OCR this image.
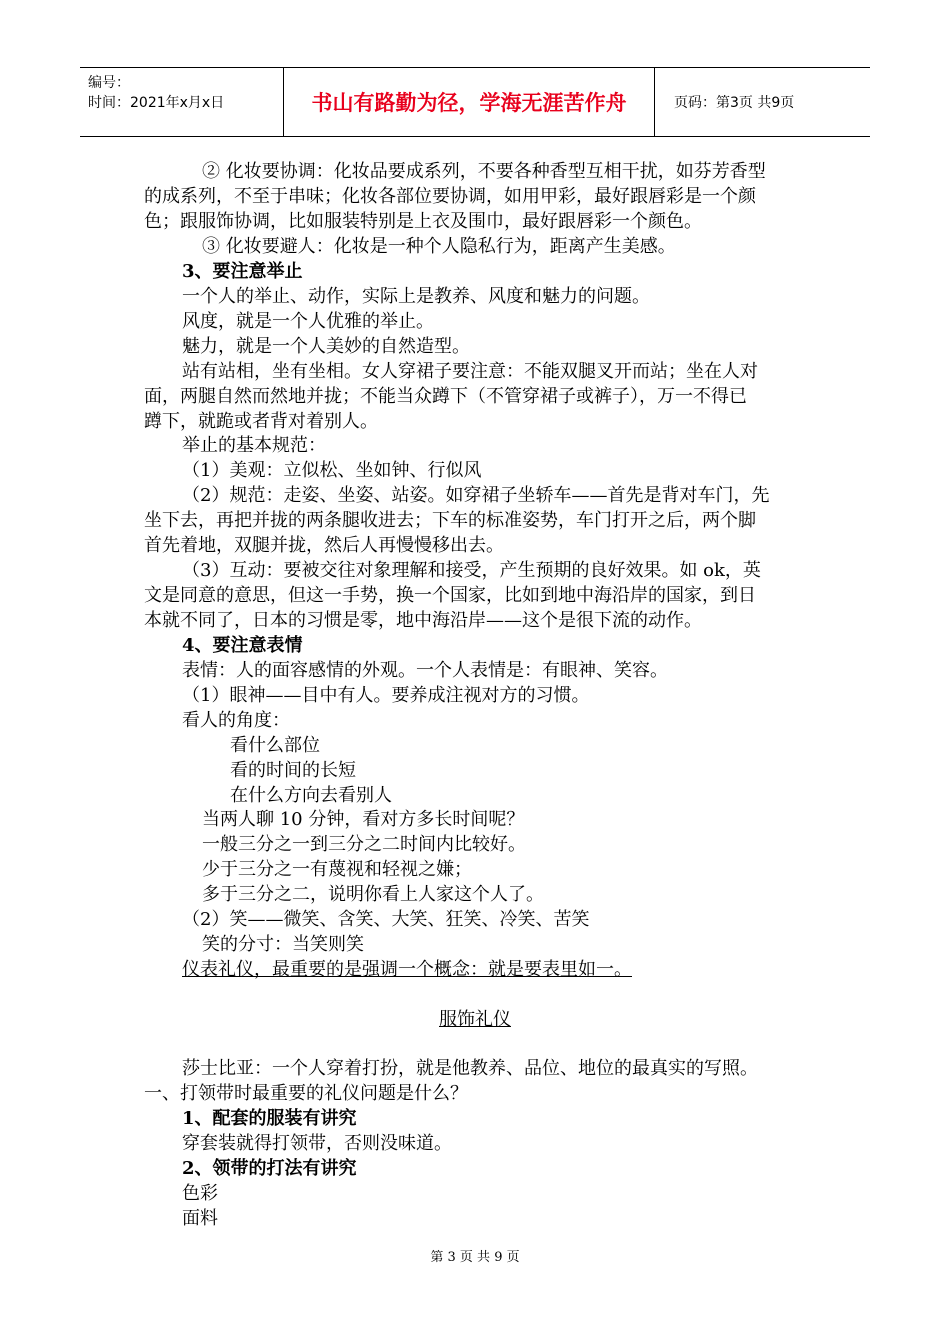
编号：
时间：2021年x月x日	书山有路勤为径，学海无涯苦作舟	页码：第3页 共9页
② 化妆要协调：化妆品要成系列，不要各种香型互相干扰，如芬芳香型
的成系列，不至于串味；化妆各部位要协调，如用甲彩，最好跟唇彩是一个颜
色；跟服饰协调，比如服装特别是上衣及围巾，最好跟唇彩一个颜色。
③ 化妆要避人：化妆是一种个人隐私行为，距离产生美感。
3、要注意举止
一个人的举止、动作，实际上是教养、风度和魅力的问题。
风度，就是一个人优雅的举止。
魅力，就是一个人美妙的自然造型。
站有站相，坐有坐相。女人穿裙子要注意：不能双腿叉开而站；坐在人对
面，两腿自然而然地并拢；不能当众蹲下（不管穿裙子或裤子），万一不得已
蹲下，就跪或者背对着别人。
举止的基本规范：
（1）美观：立似松、坐如钟、行似风
（2）规范：走姿、坐姿、站姿。如穿裙子坐轿车——首先是背对车门，先
坐下去，再把并拢的两条腿收进去；下车的标准姿势，车门打开之后，两个脚
首先着地，双腿并拢，然后人再慢慢移出去。
（3）互动：要被交往对象理解和接受，产生预期的良好效果。如 ok，英
文是同意的意思，但这一手势，换一个国家，比如到地中海沿岸的国家，到日
本就不同了，日本的习惯是零，地中海沿岸——这个是很下流的动作。
4、要注意表情
表情：人的面容感情的外观。一个人表情是：有眼神、笑容。
（1）眼神——目中有人。要养成注视对方的习惯。
看人的角度：
看什么部位
看的时间的长短
在什么方向去看别人
当两人聊 10 分钟，看对方多长时间呢？
一般三分之一到三分之二时间内比较好。
少于三分之一有蔑视和轻视之嫌；
多于三分之二，说明你看上人家这个人了。
（2）笑——微笑、含笑、大笑、狂笑、冷笑、苦笑
笑的分寸：当笑则笑
仪表礼仪，最重要的是强调一个概念：就是要表里如一。
服饰礼仪
莎士比亚：一个人穿着打扮，就是他教养、品位、地位的最真实的写照。
一、打领带时最重要的礼仪问题是什么？
1、配套的服装有讲究
穿套装就得打领带，否则没味道。
2、领带的打法有讲究
色彩
面料
第 3 页 共 9 页
